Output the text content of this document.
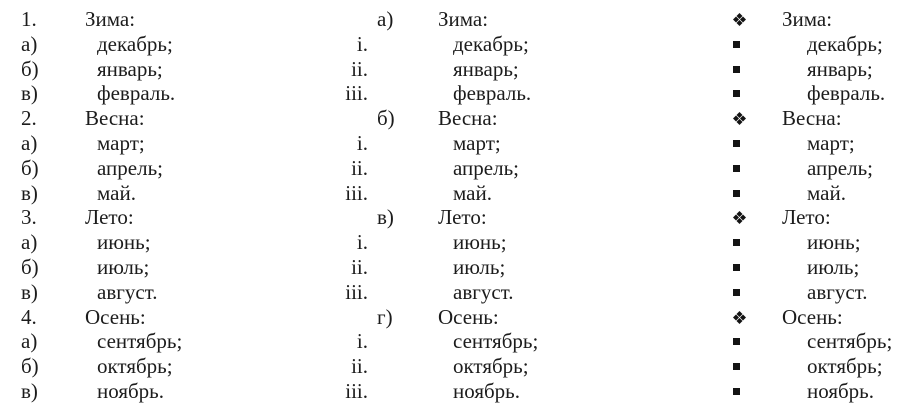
1. Зима:
а)	декабрь;
б)	январь;
в)	февраль.
2. Весна:
а)	март;
б)	апрель;
в)	май.
3. Лето:
а)	июнь;
б)	июль;
в)	август.
4. Осень:
а)	сентябрь;
б)	октябрь;
в)	ноябрь.
а) Зима:
i.	декабрь;
ii.	январь;
iii.	февраль.
б) Весна:
i.	март;
ii.	апрель;
iii.	май.
в) Лето:
i.	июнь;
ii.	июль;
iii.	август.
г) Осень:
i.	сентябрь;
ii.	октябрь;
iii.	ноябрь.
Зима:
декабрь;
январь;
февраль.
Весна:
март;
апрель;
май.
Лето:
июнь;
июль;
август.
Осень:
сентябрь;
октябрь;
ноябрь.
